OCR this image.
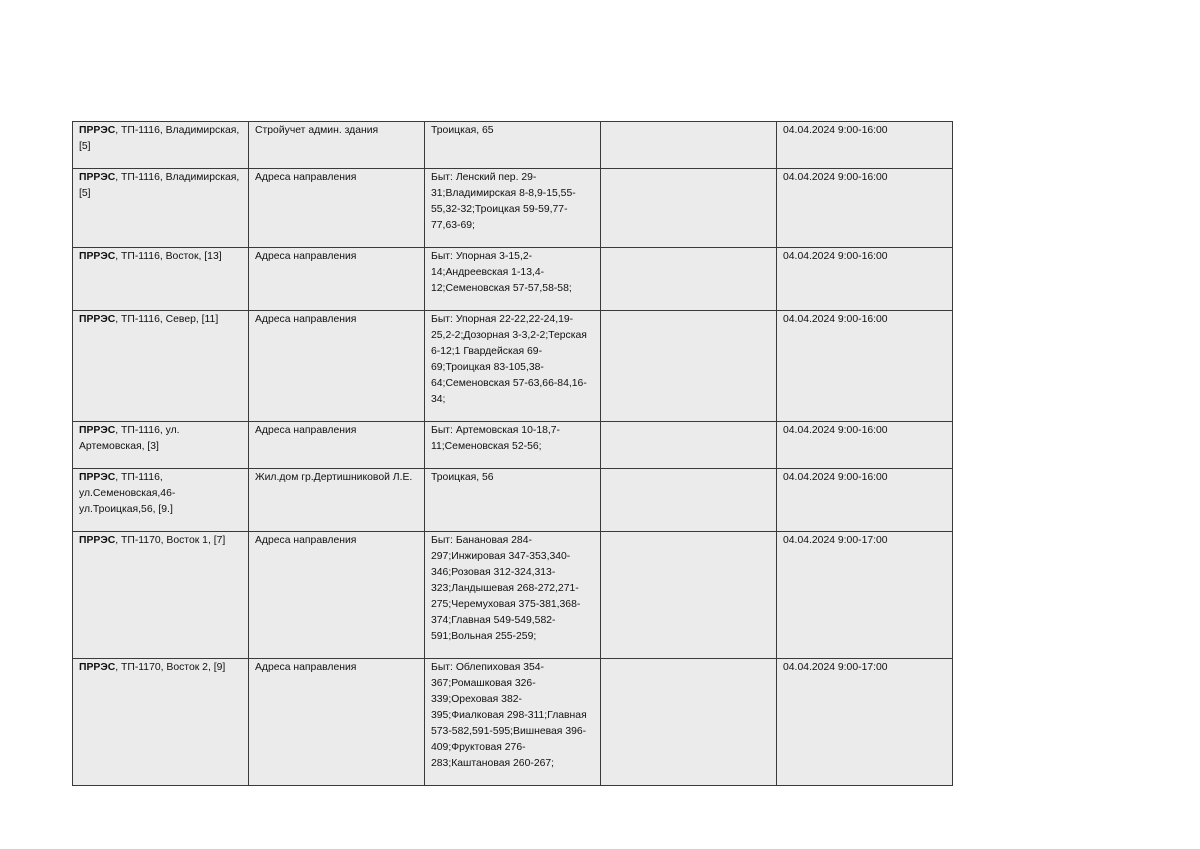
ПРРЭС, ТП-1116, Владимирская, [5]	Стройучет админ. здания	Троицкая, 65		04.04.2024 9:00-16:00
ПРРЭС, ТП-1116, Владимирская, [5]	Адреса направления	Быт: Ленский пер. 29-31;Владимирская 8-8,9-15,55-55,32-32;Троицкая 59-59,77-77,63-69;		04.04.2024 9:00-16:00
ПРРЭС, ТП-1116, Восток, [13]	Адреса направления	Быт: Упорная 3-15,2-14;Андреевская 1-13,4-12;Семеновская 57-57,58-58;		04.04.2024 9:00-16:00
ПРРЭС, ТП-1116, Север, [11]	Адреса направления	Быт: Упорная 22-22,22-24,19-25,2-2;Дозорная 3-3,2-2;Терская 6-12;1 Гвардейская 69-69;Троицкая 83-105,38-64;Семеновская 57-63,66-84,16-34;		04.04.2024 9:00-16:00
ПРРЭС, ТП-1116, ул. Артемовская, [3]	Адреса направления	Быт: Артемовская 10-18,7-11;Семеновская 52-56;		04.04.2024 9:00-16:00
ПРРЭС, ТП-1116, ул.Семеновская,46-ул.Троицкая,56, [9.]	Жил.дом гр.Дертишниковой Л.Е.	Троицкая, 56		04.04.2024 9:00-16:00
ПРРЭС, ТП-1170, Восток 1, [7]	Адреса направления	Быт: Банановая 284-297;Инжировая 347-353,340-346;Розовая 312-324,313-323;Ландышевая 268-272,271-275;Черемуховая 375-381,368-374;Главная 549-549,582-591;Вольная 255-259;		04.04.2024 9:00-17:00
ПРРЭС, ТП-1170, Восток 2, [9]	Адреса направления	Быт: Облепиховая 354-367;Ромашковая 326-339;Ореховая 382-395;Фиалковая 298-311;Главная 573-582,591-595;Вишневая 396-409;Фруктовая 276-283;Каштановая 260-267;		04.04.2024 9:00-17:00
